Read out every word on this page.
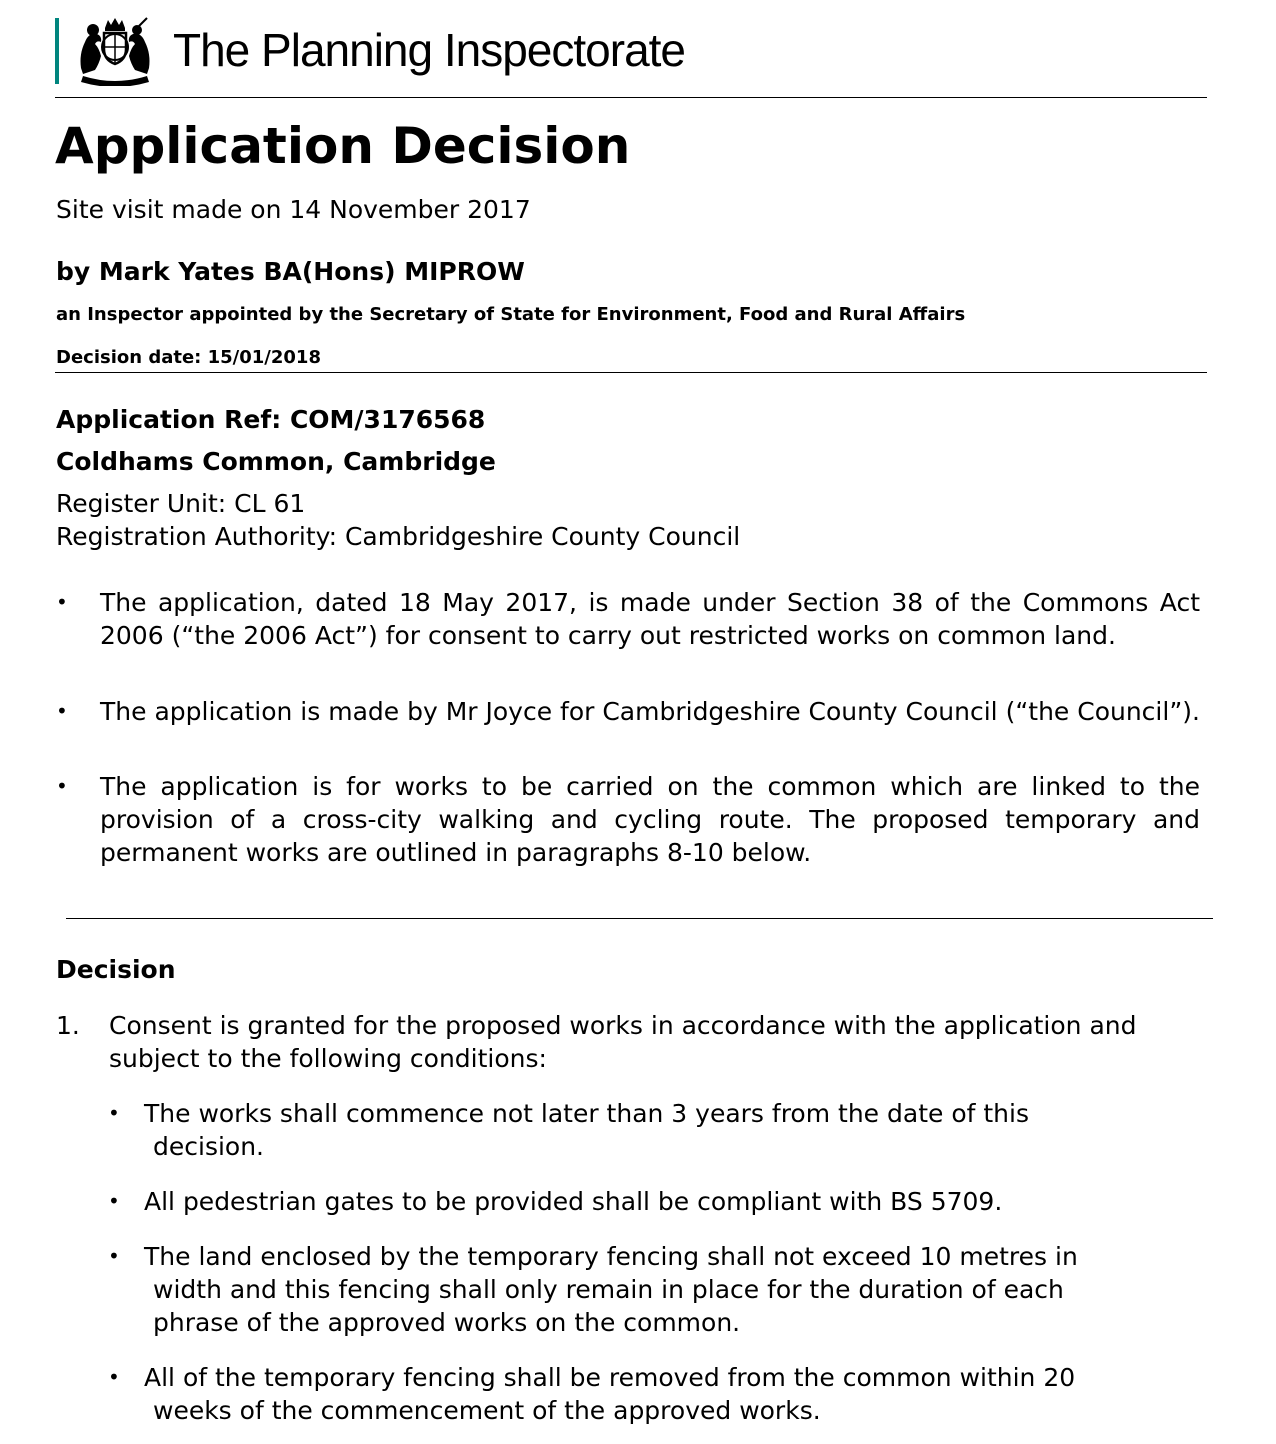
The Planning Inspectorate
Application Decision
Site visit made on 14 November 2017
by Mark Yates BA(Hons) MIPROW
an Inspector appointed by the Secretary of State for Environment, Food and Rural Affairs
Decision date: 15/01/2018
Application Ref: COM/3176568
Coldhams Common, Cambridge
Register Unit: CL 61
Registration Authority: Cambridgeshire County Council
•	The application, dated 18 May 2017, is made under Section 38 of the Commons Act 2006 (“the 2006 Act”) for consent to carry out restricted works on common land.
•	The application is made by Mr Joyce for Cambridgeshire County Council (“the Council”).
•	The application is for works to be carried on the common which are linked to the provision of a cross-city walking and cycling route. The proposed temporary and permanent works are outlined in paragraphs 8-10 below.
Decision
1. Consent is granted for the proposed works in accordance with the application and subject to the following conditions:
• The works shall commence not later than 3 years from the date of this
decision.
• All pedestrian gates to be provided shall be compliant with BS 5709.
• The land enclosed by the temporary fencing shall not exceed 10 metres in
width and this fencing shall only remain in place for the duration of each phrase of the approved works on the common.
• All of the temporary fencing shall be removed from the common within 20
weeks of the commencement of the approved works.
